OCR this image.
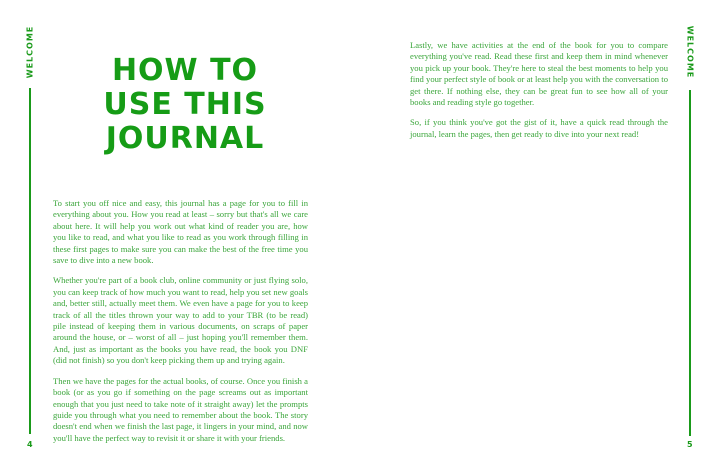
WELCOME	HOW TO
USE THIS
JOURNAL

To start you off nice and easy, this journal has a page for you to fill in everything about you. How you read at least – sorry but that's all we care about here. It will help you work out what kind of reader you are, how you like to read, and what you like to read as you work through filling in these first pages to make sure you can make the best of the free time you save to dive into a new book.

Whether you're part of a book club, online community or just flying solo, you can keep track of how much you want to read, help you set new goals and, better still, actually meet them. We even have a page for you to keep track of all the titles thrown your way to add to your TBR (to be read) pile instead of keeping them in various documents, on scraps of paper around the house, or – worst of all – just hoping you'll remember them. And, just as important as the books you have read, the book you DNF (did not finish) so you don't keep picking them up and trying again.

Then we have the pages for the actual books, of course. Once you finish a book (or as you go if something on the page screams out as important enough that you just need to take note of it straight away) let the prompts guide you through what you need to remember about the book. The story doesn't end when we finish the last page, it lingers in your mind, and now you'll have the perfect way to revisit it or share it with your friends.

4
WELCOME

Lastly, we have activities at the end of the book for you to compare everything you've read. Read these first and keep them in mind whenever you pick up your book. They're here to steal the best moments to help you find your perfect style of book or at least help you with the conversation to get there. If nothing else, they can be great fun to see how all of your books and reading style go together.

So, if you think you've got the gist of it, have a quick read through the journal, learn the pages, then get ready to dive into your next read!

5
